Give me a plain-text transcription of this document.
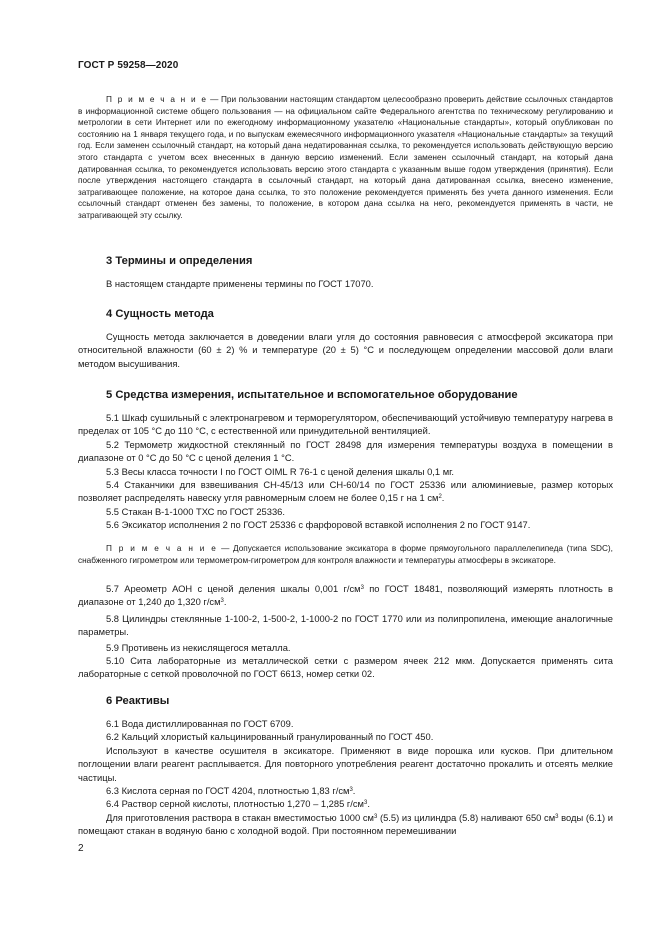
ГОСТ Р 59258—2020
П р и м е ч а н и е — При пользовании настоящим стандартом целесообразно проверить действие ссылочных стандартов в информационной системе общего пользования — на официальном сайте Федерального агентства по техническому регулированию и метрологии в сети Интернет или по ежегодному информационному указателю «Национальные стандарты», который опубликован по состоянию на 1 января текущего года, и по выпускам ежемесячного информационного указателя «Национальные стандарты» за текущий год. Если заменен ссылочный стандарт, на который дана недатированная ссылка, то рекомендуется использовать действующую версию этого стандарта с учетом всех внесенных в данную версию изменений. Если заменен ссылочный стандарт, на который дана датированная ссылка, то рекомендуется использовать версию этого стандарта с указанным выше годом утверждения (принятия). Если после утверждения настоящего стандарта в ссылочный стандарт, на который дана датированная ссылка, внесено изменение, затрагивающее положение, на которое дана ссылка, то это положение рекомендуется применять без учета данного изменения. Если ссылочный стандарт отменен без замены, то положение, в котором дана ссылка на него, рекомендуется применять в части, не затрагивающей эту ссылку.
3 Термины и определения

В настоящем стандарте применены термины по ГОСТ 17070.

4 Сущность метода

Сущность метода заключается в доведении влаги угля до состояния равновесия с атмосферой эксикатора при относительной влажности (60 ± 2) % и температуре (20 ± 5) °С и последующем определении массовой доли влаги методом высушивания.

5 Средства измерения, испытательное и вспомогательное оборудование

5.1 Шкаф сушильный с электронагревом и терморегулятором, обеспечивающий устойчивую температуру нагрева в пределах от 105 °С до 110 °С, с естественной или принудительной вентиляцией.

5.2 Термометр жидкостной стеклянный по ГОСТ 28498 для измерения температуры воздуха в помещении в диапазоне от 0 °С до 50 °С с ценой деления 1 °С.

5.3 Весы класса точности I по ГОСТ OIML R 76-1 с ценой деления шкалы 0,1 мг.

5.4 Стаканчики для взвешивания СН-45/13 или СН-60/14 по ГОСТ 25336 или алюминиевые, размер которых позволяет распределять навеску угля равномерным слоем не более 0,15 г на 1 $см^2$.

5.5 Стакан В-1-1000 ТХС по ГОСТ 25336.

5.6 Эксикатор исполнения 2 по ГОСТ 25336 с фарфоровой вставкой исполнения 2 по ГОСТ 9147.

П р и м е ч а н и е — Допускается использование эксикатора в форме прямоугольного параллелепипеда (типа SDC), снабженного гигрометром или термометром-гигрометром для контроля влажности и температуры атмосферы в эксикаторе.

5.7 Ареометр АОН с ценой деления шкалы 0,001 $г/см^3$ по ГОСТ 18481, позволяющий измерять плотность в диапазоне от 1,240 до 1,320 $г/см^3$.

5.8 Цилиндры стеклянные 1-100-2, 1-500-2, 1-1000-2 по ГОСТ 1770 или из полипропилена, имеющие аналогичные параметры.

5.9 Противень из некислящегося металла.

5.10 Сита лабораторные из металлической сетки с размером ячеек 212 мкм. Допускается применять сита лабораторные с сеткой проволочной по ГОСТ 6613, номер сетки 02.

6 Реактивы

6.1 Вода дистиллированная по ГОСТ 6709.

6.2 Кальций хлористый кальцинированный гранулированный по ГОСТ 450.

Используют в качестве осушителя в эксикаторе. Применяют в виде порошка или кусков. При длительном поглощении влаги реагент расплывается. Для повторного употребления реагент достаточно прокалить и отсеять мелкие частицы.

6.3 Кислота серная по ГОСТ 4204, плотностью 1,83 $г/см^3$.

6.4 Раствор серной кислоты, плотностью 1,270 – 1,285 $г/см^3$.

Для приготовления раствора в стакан вместимостью 1000 $см^3$ (5.5) из цилиндра (5.8) наливают 650 $см^3$ воды (6.1) и помещают стакан в водяную баню с холодной водой. При постоянном перемешивании

2
